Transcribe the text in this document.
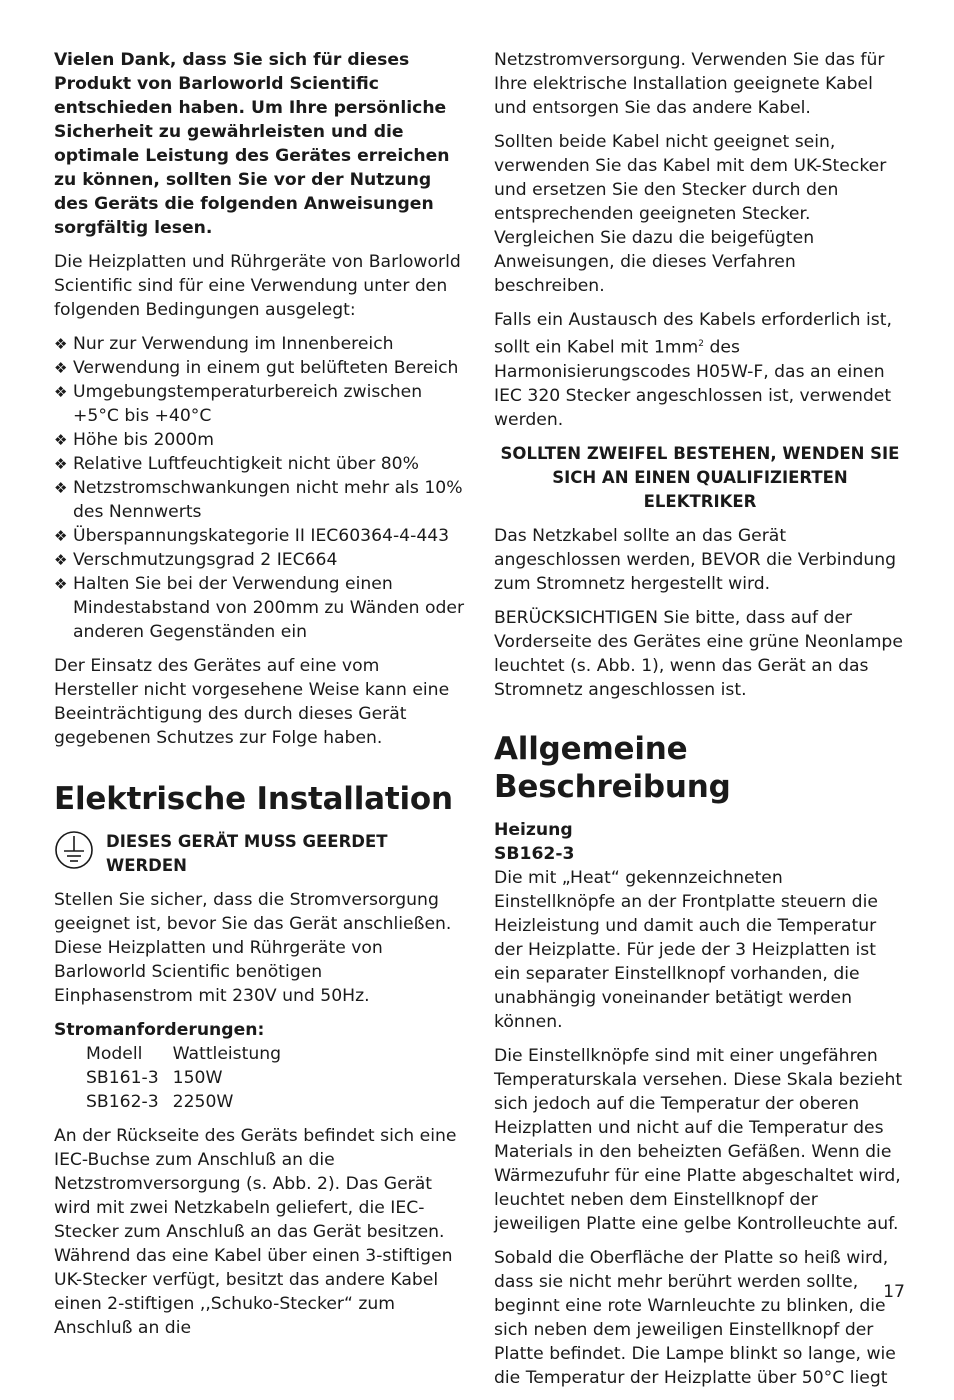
Vielen Dank, dass Sie sich für dieses Produkt von Barloworld Scientific entschieden haben. Um Ihre persönliche Sicherheit zu gewährleisten und die optimale Leistung des Gerätes erreichen zu können, sollten Sie vor der Nutzung des Geräts die folgenden Anweisungen sorgfältig lesen.

Die Heizplatten und Rührgeräte von Barloworld Scientific sind für eine Verwendung unter den folgenden Bedingungen ausgelegt:

❖ Nur zur Verwendung im Innenbereich
❖ Verwendung in einem gut belüfteten Bereich
❖ Umgebungstemperaturbereich zwischen +5°C bis +40°C
❖ Höhe bis 2000m
❖ Relative Luftfeuchtigkeit nicht über 80%
❖ Netzstromschwankungen nicht mehr als 10% des Nennwerts
❖ Überspannungskategorie II IEC60364-4-443
❖ Verschmutzungsgrad 2 IEC664
❖ Halten Sie bei der Verwendung einen Mindestabstand von 200mm zu Wänden oder anderen Gegenständen ein

Der Einsatz des Gerätes auf eine vom Hersteller nicht vorgesehene Weise kann eine Beeinträchtigung des durch dieses Gerät gegebenen Schutzes zur Folge haben.

Elektrische Installation
DIESES GERÄT MUSS GEERDET WERDEN

Stellen Sie sicher, dass die Stromversorgung geeignet ist, bevor Sie das Gerät anschließen. Diese Heizplatten und Rührgeräte von Barloworld Scientific benötigen Einphasenstrom mit 230V und 50Hz.

Stromanforderungen:

Modell	Wattleistung
SB161-3	150W
SB162-3	2250W

An der Rückseite des Geräts befindet sich eine IEC-Buchse zum Anschluß an die Netzstromversorgung (s. Abb. 2). Das Gerät wird mit zwei Netzkabeln geliefert, die IEC-Stecker zum Anschluß an das Gerät besitzen. Während das eine Kabel über einen 3-stiftigen UK-Stecker verfügt, besitzt das andere Kabel einen 2-stiftigen ,,Schuko-Stecker“ zum Anschluß an die

Netzstromversorgung. Verwenden Sie das für Ihre elektrische Installation geeignete Kabel und entsorgen Sie das andere Kabel.

Sollten beide Kabel nicht geeignet sein, verwenden Sie das Kabel mit dem UK-Stecker und ersetzen Sie den Stecker durch den entsprechenden geeigneten Stecker. Vergleichen Sie dazu die beigefügten Anweisungen, die dieses Verfahren beschreiben.

Falls ein Austausch des Kabels erforderlich ist, sollt ein Kabel mit $1mm^2$ des Harmonisierungscodes H05W-F, das an einen IEC 320 Stecker angeschlossen ist, verwendet werden.

SOLLTEN ZWEIFEL BESTEHEN, WENDEN SIE SICH AN EINEN QUALIFIZIERTEN ELEKTRIKER

Das Netzkabel sollte an das Gerät angeschlossen werden, BEVOR die Verbindung zum Stromnetz hergestellt wird.

BERÜCKSICHTIGEN Sie bitte, dass auf der Vorderseite des Gerätes eine grüne Neonlampe leuchtet (s. Abb. 1), wenn das Gerät an das Stromnetz angeschlossen ist.

Allgemeine Beschreibung

Heizung

SB162-3

Die mit „Heat“ gekennzeichneten Einstellknöpfe an der Frontplatte steuern die Heizleistung und damit auch die Temperatur der Heizplatte. Für jede der 3 Heizplatten ist ein separater Einstellknopf vorhanden, die unabhängig voneinander betätigt werden können.

Die Einstellknöpfe sind mit einer ungefähren Temperaturskala versehen. Diese Skala bezieht sich jedoch auf die Temperatur der oberen Heizplatten und nicht auf die Temperatur des Materials in den beheizten Gefäßen. Wenn die Wärmezufuhr für eine Platte abgeschaltet wird, leuchtet neben dem Einstellknopf der jeweiligen Platte eine gelbe Kontrolleuchte auf.

Sobald die Oberfläche der Platte so heiß wird, dass sie nicht mehr berührt werden sollte, beginnt eine rote Warnleuchte zu blinken, die sich neben dem jeweiligen Einstellknopf der Platte befindet. Die Lampe blinkt so lange, wie die Temperatur der Heizplatte über 50°C liegt

17
